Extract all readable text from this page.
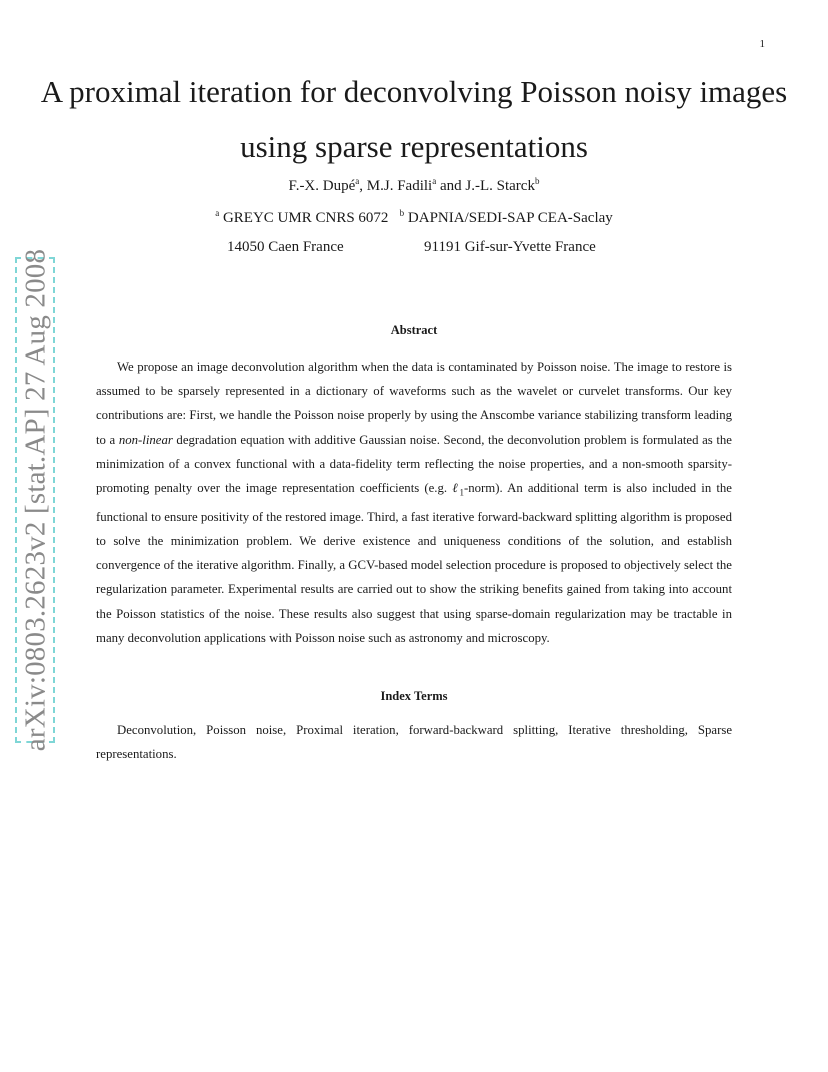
1
A proximal iteration for deconvolving Poisson noisy images using sparse representations
F.-X. Dupé$^a$, M.J. Fadili$^a$ and J.-L. Starck$^b$
$^a$ GREYC UMR CNRS 6072 $^b$ DAPNIA/SEDI-SAP CEA-Saclay
14050 Caen France	91191 Gif-sur-Yvette France
Abstract

We propose an image deconvolution algorithm when the data is contaminated by Poisson noise. The image to restore is assumed to be sparsely represented in a dictionary of waveforms such as the wavelet or curvelet transforms. Our key contributions are: First, we handle the Poisson noise properly by using the Anscombe variance stabilizing transform leading to a non-linear degradation equation with additive Gaussian noise. Second, the deconvolution problem is formulated as the minimization of a convex functional with a data-fidelity term reflecting the noise properties, and a non-smooth sparsity-promoting penalty over the image representation coefficients (e.g. ℓ$_1$-norm). An additional term is also included in the functional to ensure positivity of the restored image. Third, a fast iterative forward-backward splitting algorithm is proposed to solve the minimization problem. We derive existence and uniqueness conditions of the solution, and establish convergence of the iterative algorithm. Finally, a GCV-based model selection procedure is proposed to objectively select the regularization parameter. Experimental results are carried out to show the striking benefits gained from taking into account the Poisson statistics of the noise. These results also suggest that using sparse-domain regularization may be tractable in many deconvolution applications with Poisson noise such as astronomy and microscopy.

Index Terms

Deconvolution, Poisson noise, Proximal iteration, forward-backward splitting, Iterative thresholding, Sparse representations.

arXiv:0803.2623v2 [stat.AP] 27 Aug 2008
